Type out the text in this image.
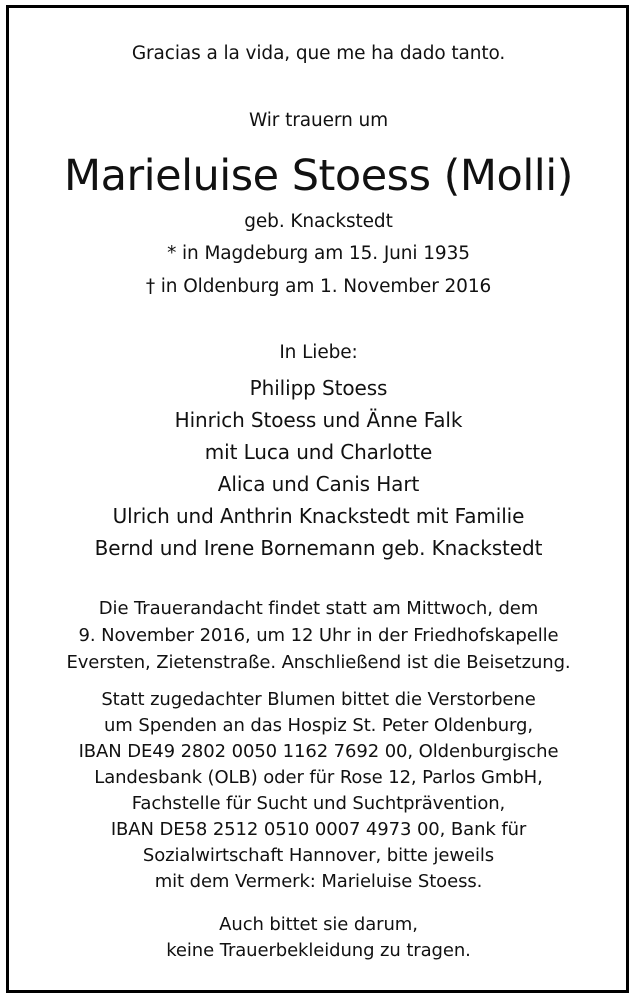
Gracias a la vida, que me ha dado tanto.
Wir trauern um
Marieluise Stoess (Molli)
geb. Knackstedt
* in Magdeburg am 15. Juni 1935
† in Oldenburg am 1. November 2016
In Liebe:
Philipp Stoess
Hinrich Stoess und Änne Falk
mit Luca und Charlotte
Alica und Canis Hart
Ulrich und Anthrin Knackstedt mit Familie
Bernd und Irene Bornemann geb. Knackstedt
Die Trauerandacht findet statt am Mittwoch, dem
9. November 2016, um 12 Uhr in der Friedhofskapelle
Eversten, Zietenstraße. Anschließend ist die Beisetzung.
Statt zugedachter Blumen bittet die Verstorbene
um Spenden an das Hospiz St. Peter Oldenburg,
IBAN DE49 2802 0050 1162 7692 00, Oldenburgische
Landesbank (OLB) oder für Rose 12, Parlos GmbH,
Fachstelle für Sucht und Suchtprävention,
IBAN DE58 2512 0510 0007 4973 00, Bank für
Sozialwirtschaft Hannover, bitte jeweils
mit dem Vermerk: Marieluise Stoess.
Auch bittet sie darum,
keine Trauerbekleidung zu tragen.
